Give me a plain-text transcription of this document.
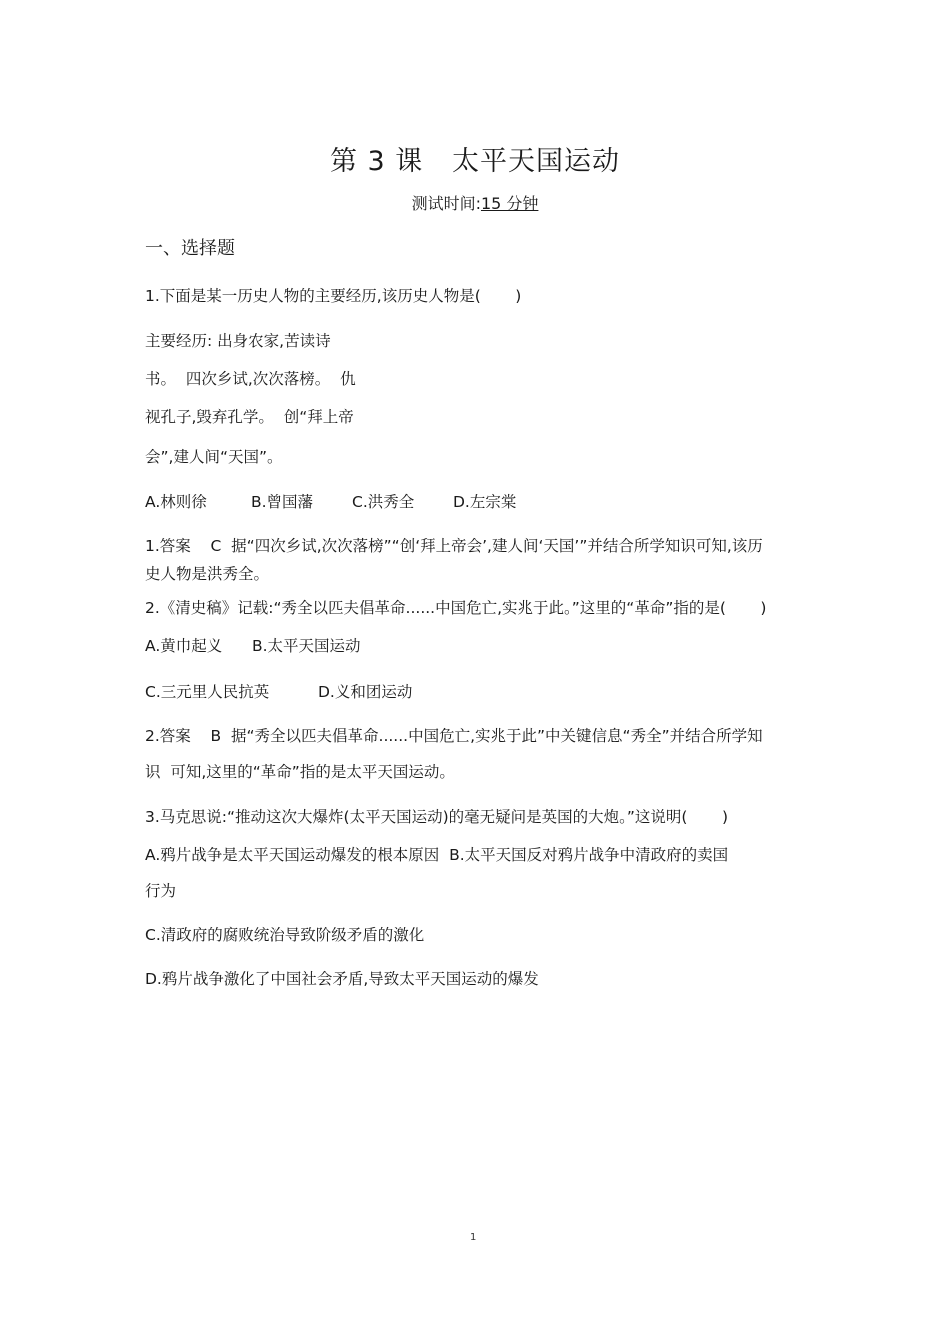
第 3 课   太平天国运动
测试时间:15 分钟
一、选择题
1.下面是某一历史人物的主要经历,该历史人物是(       )
主要经历: 出身农家,苦读诗
书。  四次乡试,次次落榜。  仇
视孔子,毁弃孔学。  创“拜上帝
会”,建人间“天国”。
A.林则徐	B.曾国藩	C.洪秀全	D.左宗棠
1.答案    C  据“四次乡试,次次落榜”“创‘拜上帝会’,建人间‘天国’”并结合所学知识可知,该历
史人物是洪秀全。
2.《清史稿》记载:“秀全以匹夫倡革命......中国危亡,实兆于此。”这里的“革命”指的是(       )
A.黄巾起义 B.太平天国运动
C.三元里人民抗英	D.义和团运动
2.答案    B  据“秀全以匹夫倡革命......中国危亡,实兆于此”中关键信息“秀全”并结合所学知
识  可知,这里的“革命”指的是太平天国运动。
3.马克思说:“推动这次大爆炸(太平天国运动)的毫无疑问是英国的大炮。”这说明(       )
A.鸦片战争是太平天国运动爆发的根本原因  B.太平天国反对鸦片战争中清政府的卖国
行为
C.清政府的腐败统治导致阶级矛盾的激化
D.鸦片战争激化了中国社会矛盾,导致太平天国运动的爆发
1
